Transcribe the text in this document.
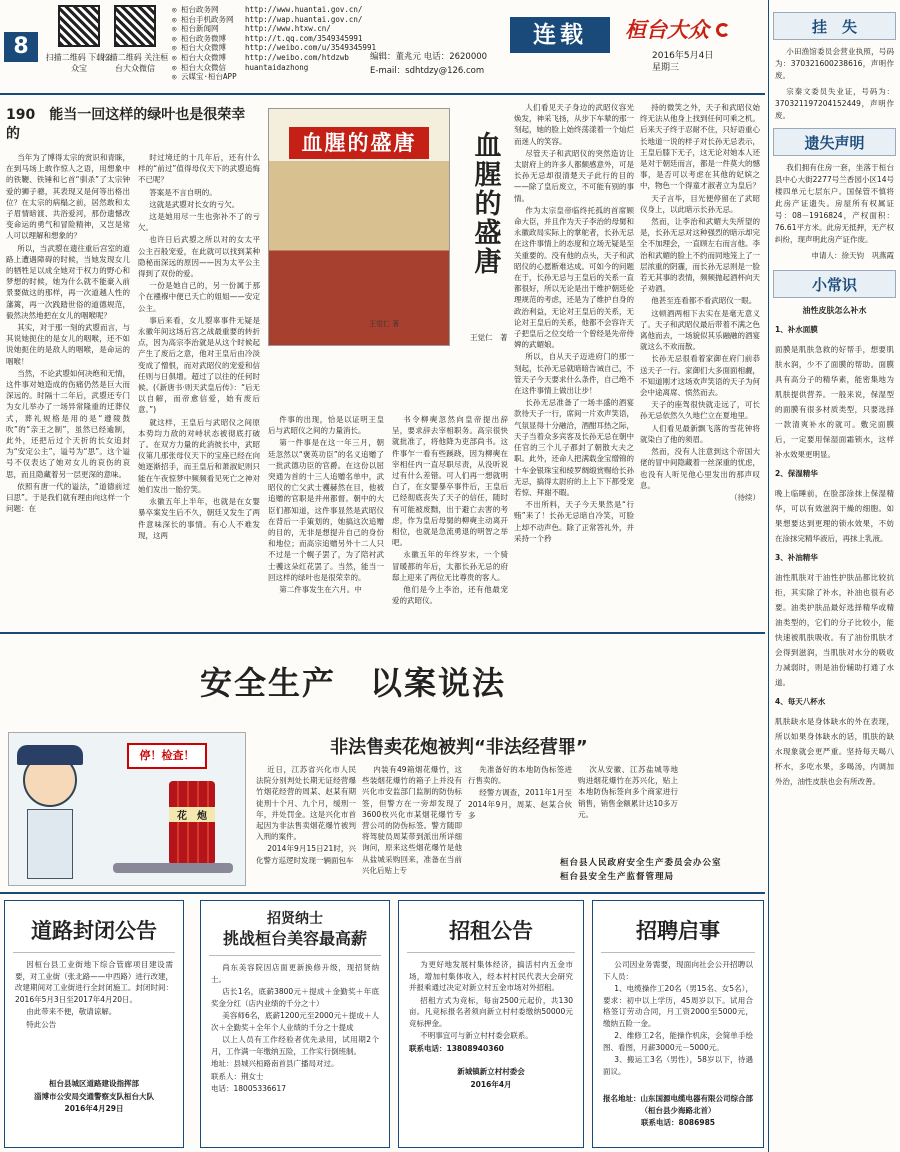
8	扫描二维码 下载公众宝
扫描二维码 关注桓台大众微信
◎ 桓台政务网	http://www.huantai.gov.cn/
◎ 桓台手机政务网 http://wap.huantai.gov.cn/
◎ 桓台新闻网	http://www.htxw.cn/
◎ 桓台政务微博	http://t.qq.com/3549345991
◎ 桓台大众微博	http://weibo.com/u/3549345991
◎ 桓台大众微博	http://weibo.com/htdzwb
◎ 桓台大众微信	huantaidazhong
◎ 云媒宝·桓台APP
编辑：董兆元 电话：2620000
E-mail：sdhtdzy@126.com
连载	桓台大众
2016年5月4日
星期三
190　能当一回这样的绿叶也是很荣幸的	血腥的盛唐
王觉仁 著
血腥的盛唐
王觉仁　著

当年为了博得太宗的赏识和青睐，在到马场上敢作惊人之语，用想象中的铁鞭、铁锤和匕首“驯杀”了太宗钟爱的狮子骢，其表现又是何等出格出位？在太宗的病榻之前，居然敢和太子眉情暗渡、共浴爱河，那份遗憾改变命运的勇气和冒险精神，又岂是常人可以理解和想象的？

所以，当武曌在遗往重后宫室的道路上遭遇障碍的时候，当她发现女儿的牺牲足以成全她对于权力的野心和梦想的时候，她为什么就不能豪入前景要做这的那样，再一次道越人性的藩篱，再一次践踏世俗的道德规范，毅然决然地把在女儿的咽喉呢？

其实，对于那一刻的武曌而言，与其说她扼住的是女儿的咽喉，还不如说她扼住的是敌人的咽喉，是命运的咽喉！

当然，不论武曌如何决绝和无情，这件事对她造成的伤痛仍然是巨大而深远的。时隔十二年后，武曌还专门为女儿举办了一场异常隆重的迁葬仪式，葬礼规格是用的是“遵陵鼓吹”的“亲王之制”，虽然已经逾制，此外，还把后过个天折的长女追封为“安定公主”，谥号为“思”。这个谥号不仅表达了她对女儿的哀伤的哀思，而且隐藏着另一层更深的意味。

依照有唐一代的谥法，“道德前过曰思”。于是我们就有理由向这样一个问题：在

时过境迁的十几年后，还有什么样的“前过”值得母仪天下的武曌追悔不已呢？

答案是不言自明的。

这就是武曌对长女的亏欠。

这是她用尽一生也弥补不了的亏欠。

也许日后武曌之所以对的女太平公主百般宠爱，在此就可以找到某种隐秘而深远的原因——因为太平公主得到了双份的爱。

一份是她自己的，另一份属于那个在襁褓中便已夭亡的姐姐——安定公主。

事后来看，女儿曌辜事件无疑是永徽年间这场后宫之战最重要的转折点，因为高宗李治就是从这个时候起产生了废后之意，他对王皇后由冷淡变成了憎恨，而对武昭仪的宠爱和信任则与日俱增。超过了以往的任何时候。(《新唐书·则天武皇后传》：“后无以自解，而帝愈信爱，始有废后意。”)

就这样，王皇后与武昭仪之间原本势均力敌的对峙状态被彻底打破了。在双方力量的此消彼长中，武昭仪第几那张母仪天下的宝座已经在向她逐渐招手，而王皇后和萧淑妃则只能在午夜惊梦中频频看见死亡之神对她们发出一胎狞笑。

永徽五年上半年，也就是在女婴暴卒案发生后不久，朝廷又发生了两件意味深长的事情。有心人不难发现，这两

件事的出现，恰是以证明王皇后与武昭仪之间的力量消长。

第一件事是在这一年三月，朝廷忽然以“褒英功臣”的名义追赠了一批武德功臣的官爵。在这份以屈突通为首的十三人追赠名单中，武昭仪的亡父武士彟赫然在目，他被追赠的官职是并州都督。朝中的大臣们都知道，这件事显然是武昭仪在背后一手策划的，她搞这次追赠的目的，无非是想提升自己的身份和地位；而高宗追赠另外十二人只不过是一个幌子罢了，为了陪衬武士彟这朵红花罢了。当然，能当一回这样的绿叶也是很荣幸的。

第二件事发生在六月。中

书令柳奭忽然向皇帝提出辞呈，要求辞去宰相职务。高宗很快就批准了，将他降为吏部尚书。这件事乍一看有些蹊跷，因为柳奭在宰相任内一直尽职尽责，从没听说过有什么差错。可人们再一想就明白了，在女婴暴卒事件后，王皇后已经彻底丧失了天子的信任，随时有可能被废黜，出于避亡去害的考虑，作为皇后母舅的柳奭主动离开相位，也就是急流勇退的明智之举吧。

永徽五年的年终岁末，一个骑冒暖都的年后，太都长孙无忌的府邸上迎来了两位无比尊贵的客人。

他们是今上李治，还有他最宠爱的武昭仪。

人们看见天子身边的武昭仪容光焕发，神采飞扬，从步下车辇的那一刻起，她的脸上始终荡漾着一个灿烂而迷人的笑容。

尽管天子和武昭仪的突然造访让太尉府上的许多人都颇感意外，可是长孙无忌却很清楚天子此行的目的——除了皇后废立，不可能有别的事情。

作为太宗皇帝临终托孤的首席顾命大臣，并且作为天子李治的母舅和永徽政局实际上的掌舵者，长孙无忌在这件事情上的态度和立场无疑是至关重要的。没有他的点头，天子和武昭仪的心愿断难达成。可如今的问题在于，长孙无忌与王皇后的关系一直都很好，所以无论是出于维护朝廷伦理规范的考虑，还是为了维护自身的政治利益，无论对王皇后的关系，无论对王皇后的关系，他都不会容许天子把皇后之位交给一个曾经是先帝侍婢的武媚娘。

所以，自从天子迈进府门的那一刻起，长孙无忌就暗暗告诫自己，不管天子今天要求什么条件，自己绝不在这件事情上做出让步！

长孙无忌准备了一场丰盛的酒宴款待天子一行，席间一片欢声笑语，气氛显得十分融洽，酒酣耳热之际，天子当着众多宾客及长孙无忌在朝中任官的三个儿子都封了朝散大夫之职。此外，还命人把满载金宝缯锦的十车金银珠宝和绫罗绸缎赏赐给长孙无忌，搞得太尉府的上上下下都受宠若惊、拜谢不暇。

不出所料，天子今天果然是“行贿”来了！长孙无忌暗自冷笑，可脸上却不动声色。除了正常答礼外，并采持一个矜

持的微笑之外，天子和武昭仪始终无法从他身上找到任何可乘之机。后来天子终于忍耐不住，只好语重心长地道一说的样子对长孙无忌表示，王皇后膝下无子，这无论对她本人还是对于朝廷而言，都是一件莫大的憾事，是否可以考虑在其他的妃嫔之中，物色一个得童才淑者立为皇后？

天子言毕，目光便停留在了武昭仪身上，以此暗示长孙无忌。

然而，让李治和武媚大失所望的是，长孙无忌对这种强烈的暗示却完全不加理会，一直顾左右而言他。李治和武媚的脸上不约而同地笼上了一层浓重的阴霾，而长孙无忌则是一脸若无其事的表情，频频抛起酒杯向天子劝酒。

他甚至连看都不看武昭仪一眼。

这顿酒两相下去实在是毫无意义了。天子和武昭仪最后带着不满之色离他而去，一场貌似其乐融融的酒宴就这么不欢而散。

长孙无忌很看着家御在府门前恭送天子一行。家御们大多面面相觑，不知道刚才这场欢声笑语的天子为何会中途离席、愤然而去。

天子的座驾很快就走远了，可长孙无忌依然久久地伫立在夏地里。

人们看见最新飘飞落的雪花钟将就染白了他的须眉。

然而，没有人注意到这个帝国大佬的冒中间隐藏着一丝深重的忧虑，也没有人听见他心里发出的那声叹息。

（待续）

安全生产　以案说法
非法售卖花炮被判“非法经营罪”
停！检查！
花　炮

近日，江苏省兴化市人民法院分别判处长期无证经营爆竹烟花经营的周某、赵某有期徒刑十个月、九个月，缓刑一年，并处罚金。这是兴化市首起因为非法售卖烟花爆竹被判入刑的案件。

2014年9月15日21时，兴化警方巡逻时发现一辆面包车

内装有49箱烟花爆竹，这些装烟花爆竹的箱子上并没有兴化市安监部门监制的防伪标签，但警方在一旁却发现了3600枚兴化市某烟花爆竹专营公司的防伪标签。警方随即将驾驶员周某带到派出所详细询问，原来这些烟花爆竹是他从盐城采购回来，准备在当前兴化后贴上专

先准备好的本地防伪标签进行售卖的。

经警方调查，2011年1月至2014年9月，周某、赵某合伙多

次从安徽、江苏盐城等地购进烟花爆竹在苏兴化，贴上本地防伪标签向多个商家进行销售，销售金额累计达10多万元。

桓台县人民政府安全生产委员会办公室
桓台县安全生产监督管理局
道路封闭公告

因桓台县工业街地下综合管廊项目建设需要，对工业街（张北路——中西路）进行改建，改建期间对工业街进行全封闭施工。封闭时间：2016年5月3日至2017年4月20日。

由此带来不便，敬请谅解。

特此公告

桓台县城区道路建设指挥部

淄博市公安局交通警察支队桓台大队

2016年4月29日

招贤纳士
挑战桓台美容最高薪

尚东美容院因店面更新换修升级，现招贤纳士。

店长1名，底薪3800元＋提成＋金勤奖＋年底奖金分红（店内业绩的千分之十）

美容师6名，底薪1200元至2000元＋提成＋人次＋全勤奖＋全年个人业绩的千分之十提成

以上人员有工作经验者优先录用，试用期2个月，工作满一年缴纳五险，工作实行倒班制。

地址：县城兴桓路南首县广播局对过。

联系人：荆女士

电话：18005336617

招租公告

为更好地发展村集体经济，搞活村内五金市场，增加村集体收入，经本村村民代表大会研究并报乘通过决定对新立村五金市场对外招租。

招租方式为竞标，每亩2500元起价，共130亩。凡竞标报名者须向新立村村委缴纳50000元竞标押金。

不明事宜可与新立村村委会联系。

联系电话：13808940360

新城镇新立村村委会

2016年4月

招聘启事

公司因业务需要，现面向社会公开招聘以下人员：

1、电缆操作工20名（男15名、女5名），要求：初中以上学历，45周岁以下。试用合格签订劳动合同，月工资2000至5000元，缴纳五险一金。

2、维修工2名，能操作机床，会简单手绘图、看图，月薪3000元－5000元。

3、搬运工3名（男性），58岁以下，待遇面议。

报名地址：山东国源电缆电器有限公司综合部（桓台县少海路北首）

联系电话：8086985

挂　失
小田渔馆委员会营业执照，号码为：370321600238616，声明作废。
宗秦文委员失业证，号码为：370321197204152449，声明作废。
遗失声明
我们拥有住房一套，坐落于桓台县中心大街2277号兰香园小区14号楼四单元七层东户。国保管不慎将此房产证遗失。房屋所有权属证号：08－1916824，产权面积：76.61平方米。此房无抵押，无产权纠纷，现声明此房产证作废。
申请人：徐天钧　巩燕霞
小常识
油性皮肤怎么补水
1、补水面膜
面膜是肌肤急救的好帮手，想要肌肤水润，少不了面膜的帮助。面膜具有高分子的精华素，能密集地为肌肤提供营养。一般来说，保湿型的面膜有很多材质类型，只要选择一款清爽补水的就可。敷完面膜后，一定要用保湿面霜锁水，这样补水效果更明显。
2、保湿精华
晚上临睡前，在脸部涂抹上保湿精华，可以有效滋润干燥的细胞。如果想要达到更理的锁水效果，不妨在涂抹完精华液后，再抹上乳液。
3、补油精华
油性肌肤对于油性护肤品都比较抗拒，其实除了补水，补油也很有必要。油类护肤品最好选择精华或精油类型的，它们的分子比较小，能快速被肌肤吸收。有了油份肌肤才会得到滋润，当肌肤对水分的吸收力减弱时，则是油份辅助打通了水道。
4、每天八杯水
肌肤缺水是身体缺水的外在表现，所以如果身体缺水的话，肌肤的缺水现象就会更严重。坚持每天喝八杯水，多吃水果，多喝汤，内调加外治，油性皮肤也会有所改善。
